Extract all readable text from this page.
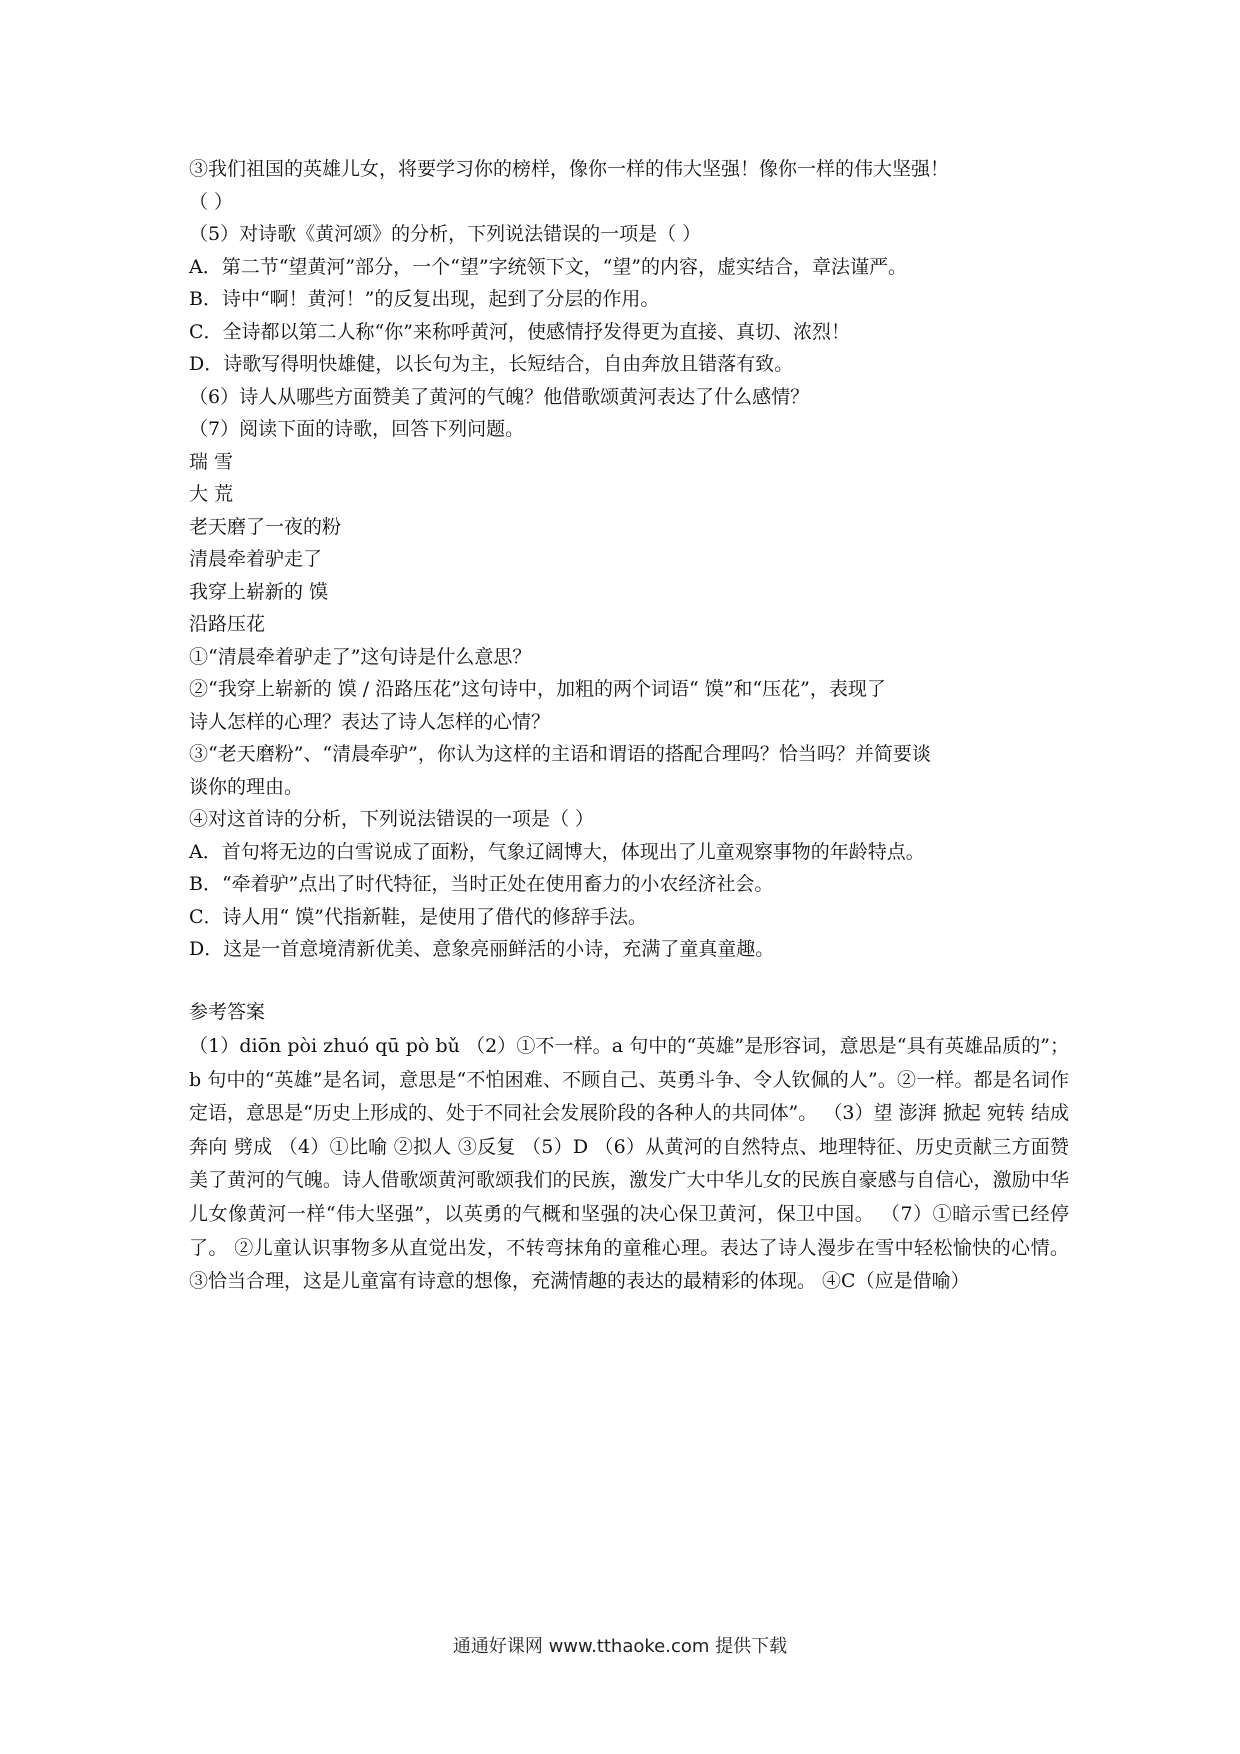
③我们祖国的英雄儿女，将要学习你的榜样，像你一样的伟大坚强！像你一样的伟大坚强！
（ ）
（5）对诗歌《黄河颂》的分析，下列说法错误的一项是（ ）
A．第二节“望黄河”部分，一个“望”字统领下文，“望”的内容，虚实结合，章法谨严。
B．诗中“啊！黄河！”的反复出现，起到了分层的作用。
C．全诗都以第二人称“你”来称呼黄河，使感情抒发得更为直接、真切、浓烈！
D．诗歌写得明快雄健，以长句为主，长短结合，自由奔放且错落有致。
（6）诗人从哪些方面赞美了黄河的气魄？他借歌颂黄河表达了什么感情？
（7）阅读下面的诗歌，回答下列问题。
瑞 雪
大 荒
老天磨了一夜的粉
清晨牵着驴走了
我穿上崭新的 馍
沿路压花
①“清晨牵着驴走了”这句诗是什么意思？
②“我穿上崭新的 馍 / 沿路压花”这句诗中，加粗的两个词语“ 馍”和“压花”，表现了
诗人怎样的心理？表达了诗人怎样的心情？
③“老天磨粉”、“清晨牵驴”，你认为这样的主语和谓语的搭配合理吗？恰当吗？并简要谈
谈你的理由。
④对这首诗的分析，下列说法错误的一项是（ ）
A．首句将无边的白雪说成了面粉，气象辽阔博大，体现出了儿童观察事物的年龄特点。
B．“牵着驴”点出了时代特征，当时正处在使用畜力的小农经济社会。
C．诗人用“ 馍”代指新鞋，是使用了借代的修辞手法。
D．这是一首意境清新优美、意象亮丽鲜活的小诗，充满了童真童趣。
参考答案
（1）diōn pòi zhuó qū pò bǔ （2）①不一样。a 句中的“英雄”是形容词，意思是“具有英雄品质的”；b 句中的“英雄”是名词，意思是“不怕困难、不顾自己、英勇斗争、令人钦佩的人”。②一样。都是名词作定语，意思是“历史上形成的、处于不同社会发展阶段的各种人的共同体”。 （3）望 澎湃 掀起 宛转 结成 奔向 劈成 （4）①比喻 ②拟人 ③反复 （5）D （6）从黄河的自然特点、地理特征、历史贡献三方面赞美了黄河的气魄。诗人借歌颂黄河歌颂我们的民族，激发广大中华儿女的民族自豪感与自信心，激励中华儿女像黄河一样“伟大坚强”，以英勇的气概和坚强的决心保卫黄河，保卫中国。 （7）①暗示雪已经停了。 ②儿童认识事物多从直觉出发，不转弯抹角的童稚心理。表达了诗人漫步在雪中轻松愉快的心情。 ③恰当合理，这是儿童富有诗意的想像，充满情趣的表达的最精彩的体现。 ④C（应是借喻）
通通好课网 www.tthaoke.com 提供下载
